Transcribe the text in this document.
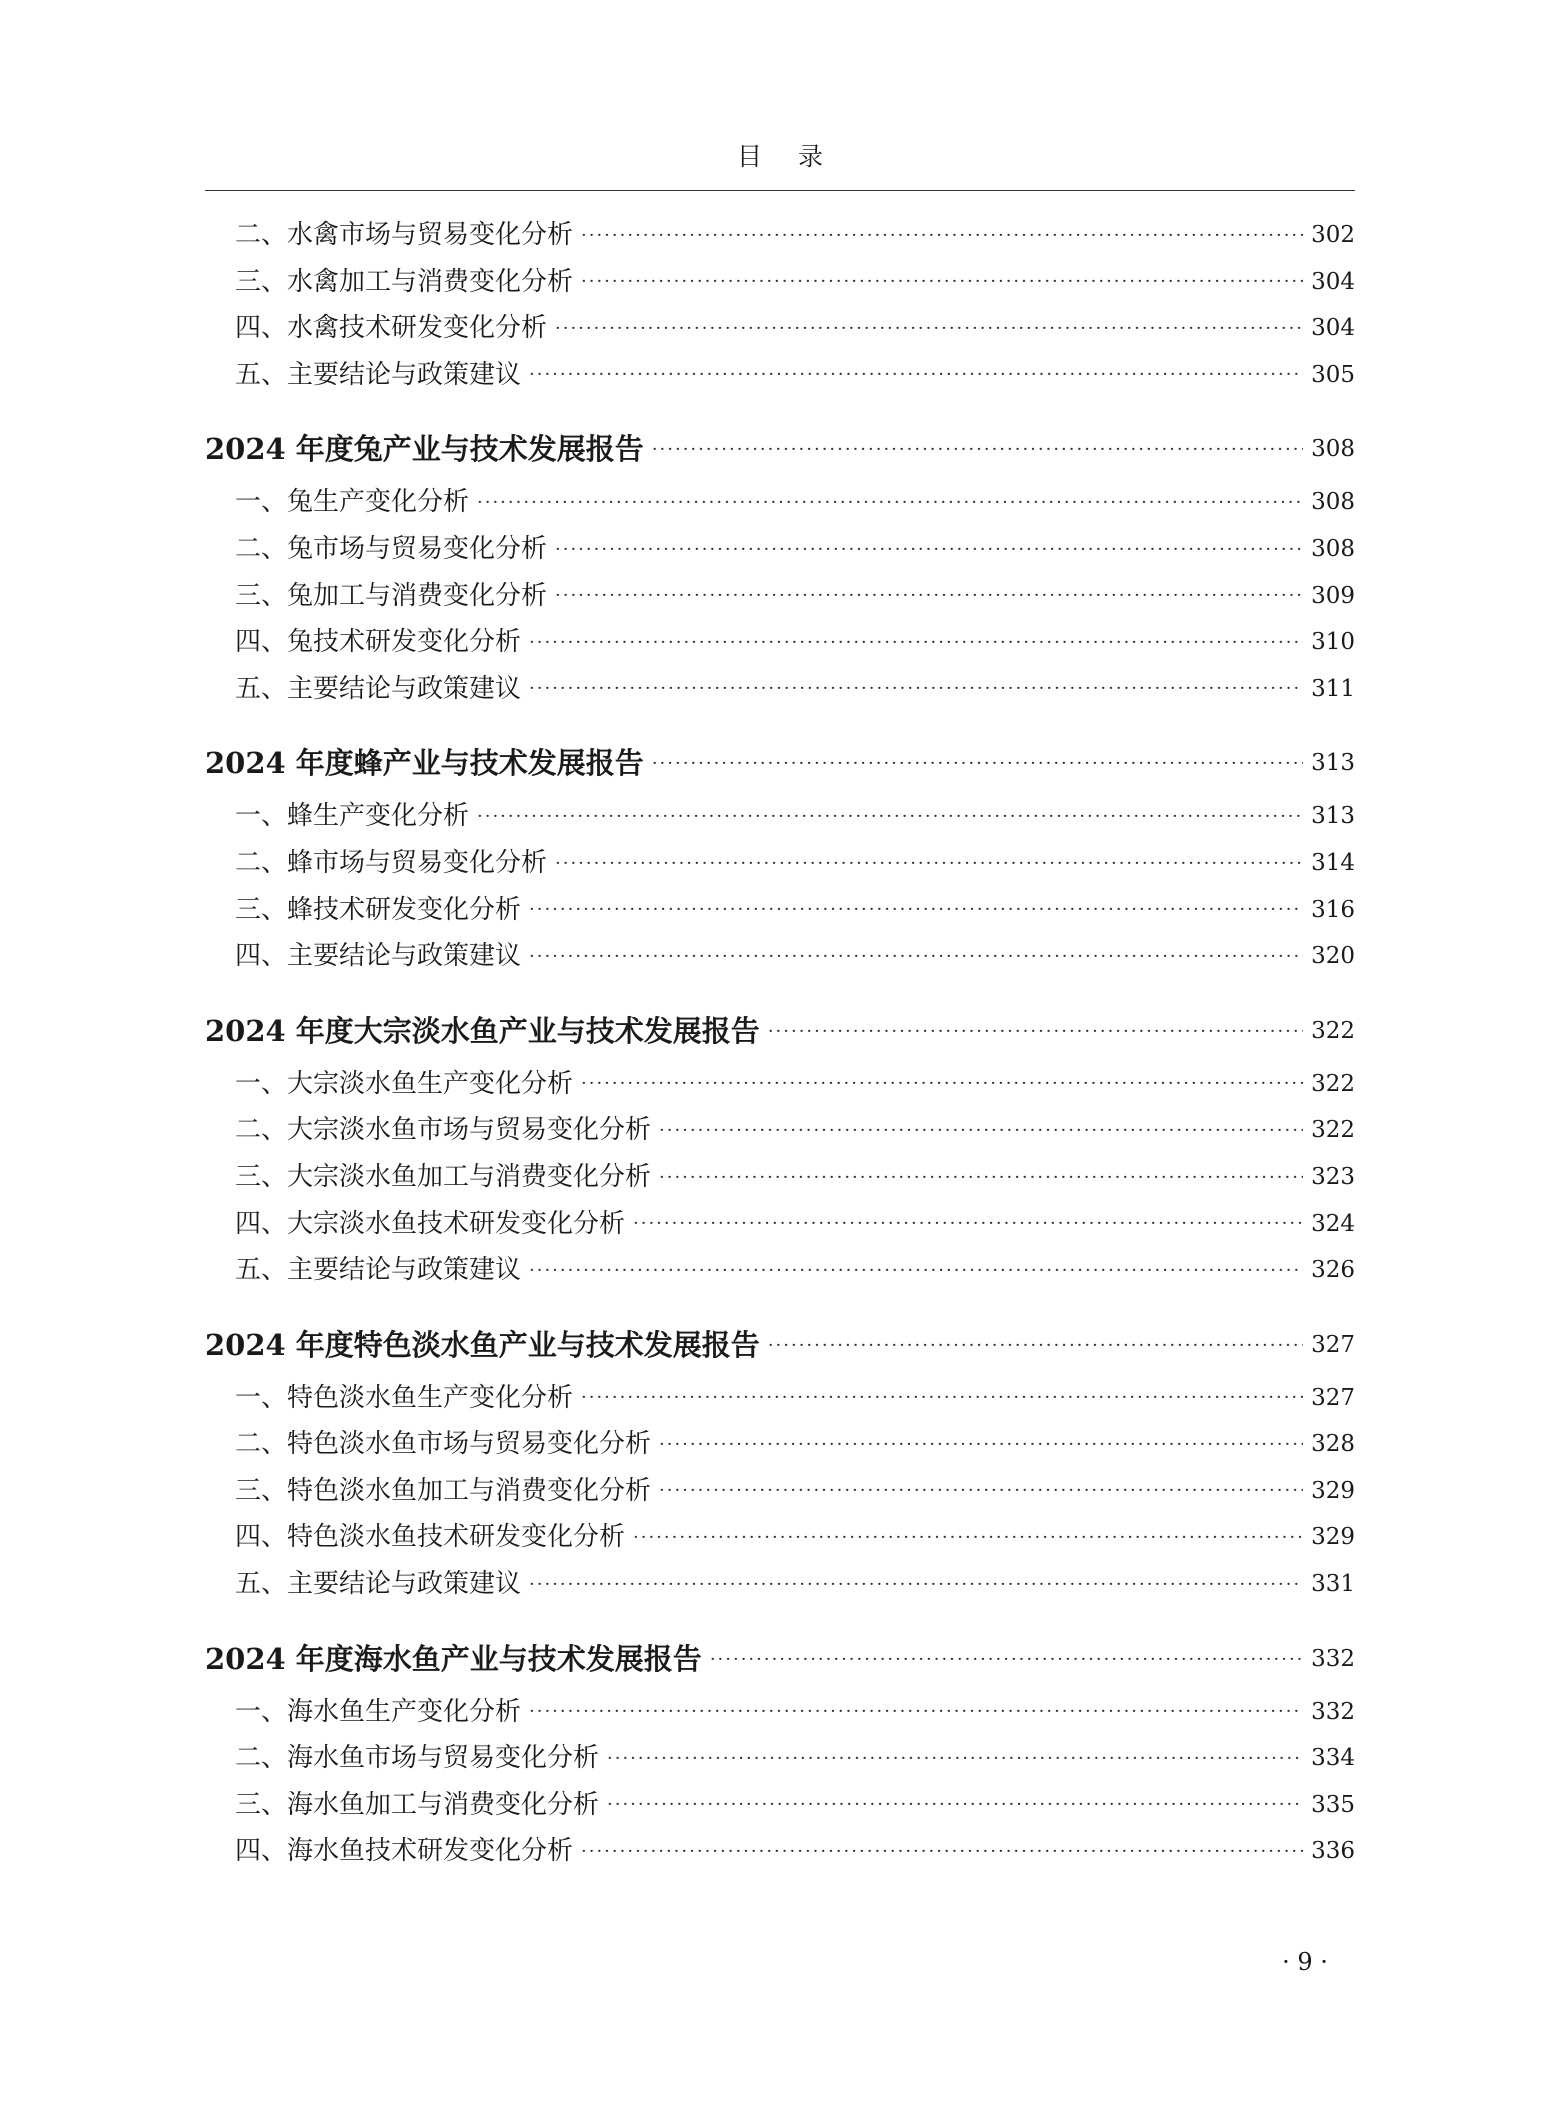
目录
二、水禽市场与贸易变化分析 ·····	302
三、水禽加工与消费变化分析 ·····	304
四、水禽技术研发变化分析 ·····	304
五、主要结论与政策建议 ·····	305
2024 年度兔产业与技术发展报告 ·····	308
一、兔生产变化分析 ·····	308
二、兔市场与贸易变化分析 ·····	308
三、兔加工与消费变化分析 ·····	309
四、兔技术研发变化分析 ·····	310
五、主要结论与政策建议 ·····	311
2024 年度蜂产业与技术发展报告 ·····	313
一、蜂生产变化分析 ·····	313
二、蜂市场与贸易变化分析 ·····	314
三、蜂技术研发变化分析 ·····	316
四、主要结论与政策建议 ·····	320
2024 年度大宗淡水鱼产业与技术发展报告 ·····	322
一、大宗淡水鱼生产变化分析 ·····	322
二、大宗淡水鱼市场与贸易变化分析 ·····	322
三、大宗淡水鱼加工与消费变化分析 ·····	323
四、大宗淡水鱼技术研发变化分析 ·····	324
五、主要结论与政策建议 ·····	326
2024 年度特色淡水鱼产业与技术发展报告 ·····	327
一、特色淡水鱼生产变化分析 ·····	327
二、特色淡水鱼市场与贸易变化分析 ·····	328
三、特色淡水鱼加工与消费变化分析 ·····	329
四、特色淡水鱼技术研发变化分析 ·····	329
五、主要结论与政策建议 ·····	331
2024 年度海水鱼产业与技术发展报告 ·····	332
一、海水鱼生产变化分析 ·····	332
二、海水鱼市场与贸易变化分析 ·····	334
三、海水鱼加工与消费变化分析 ·····	335
四、海水鱼技术研发变化分析 ·····	336
· 9 ·
